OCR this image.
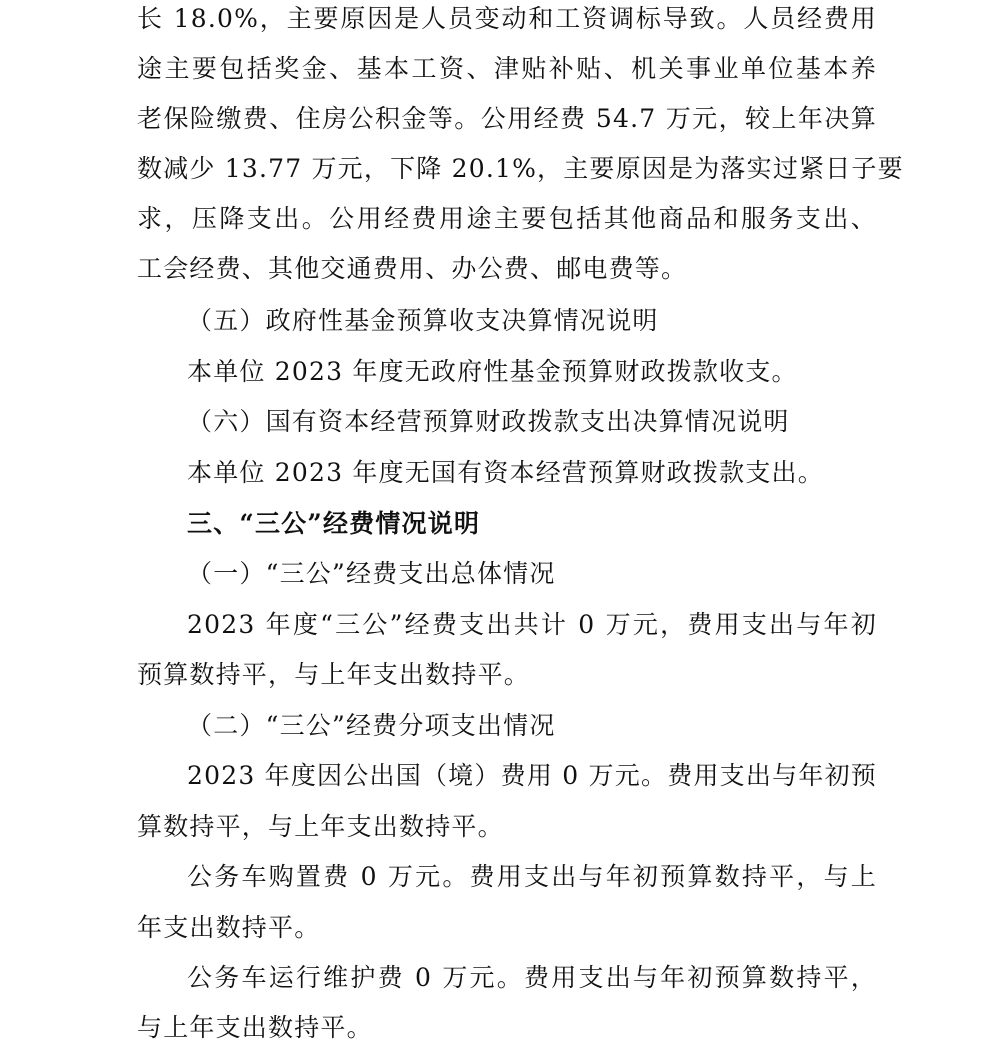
长 18.0%，主要原因是人员变动和工资调标导致。人员经费用
途主要包括奖金、基本工资、津贴补贴、机关事业单位基本养
老保险缴费、住房公积金等。公用经费 54.7 万元，较上年决算
数减少 13.77 万元，下降 20.1%，主要原因是为落实过紧日子要
求，压降支出。公用经费用途主要包括其他商品和服务支出、
工会经费、其他交通费用、办公费、邮电费等。
（五）政府性基金预算收支决算情况说明
本单位 2023 年度无政府性基金预算财政拨款收支。
（六）国有资本经营预算财政拨款支出决算情况说明
本单位 2023 年度无国有资本经营预算财政拨款支出。
三、“三公”经费情况说明
（一）“三公”经费支出总体情况
2023 年度“三公”经费支出共计 0 万元，费用支出与年初
预算数持平，与上年支出数持平。
（二）“三公”经费分项支出情况
2023 年度因公出国（境）费用 0 万元。费用支出与年初预
算数持平，与上年支出数持平。
公务车购置费 0 万元。费用支出与年初预算数持平，与上
年支出数持平。
公务车运行维护费 0 万元。费用支出与年初预算数持平，
与上年支出数持平。
